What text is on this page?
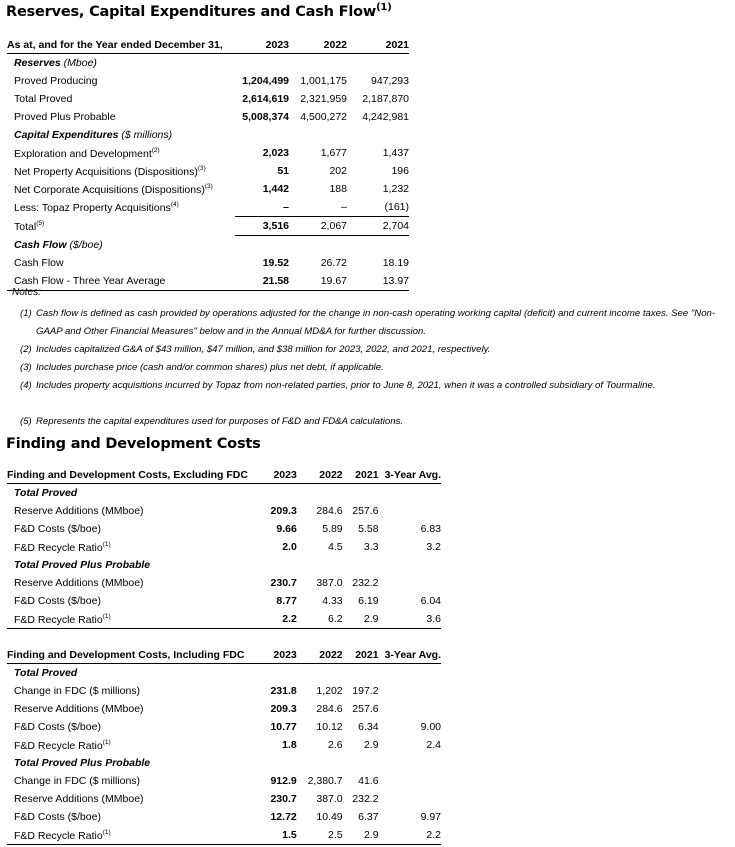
Reserves, Capital Expenditures and Cash Flow$^{(1)}$
As at, and for the Year ended December 31,	2023	2022	2021
Reserves (Mboe)			
Proved Producing	1,204,499	1,001,175	947,293
Total Proved	2,614,619	2,321,959	2,187,870
Proved Plus Probable	5,008,374	4,500,272	4,242,981
Capital Expenditures ($ millions)			
Exploration and Development$^{(2)}$	2,023	1,677	1,437
Net Property Acquisitions (Dispositions)$^{(3)}$	51	202	196
Net Corporate Acquisitions (Dispositions)$^{(3)}$	1,442	188	1,232
Less: Topaz Property Acquisitions$^{(4)}$	–	–	(161)
Total$^{(5)}$	3,516	2,067	2,704
Cash Flow ($/boe)			
Cash Flow	19.52	26.72	18.19
Cash Flow - Three Year Average	21.58	19.67	13.97
Notes:
(1) Cash flow is defined as cash provided by operations adjusted for the change in non-cash operating working capital (deficit) and current income taxes. See "Non-GAAP and Other Financial Measures" below and in the Annual MD&A for further discussion.
(2) Includes capitalized G&A of $43 million, $47 million, and $38 million for 2023, 2022, and 2021, respectively.
(3) Includes purchase price (cash and/or common shares) plus net debt, if applicable.
(4) Includes property acquisitions incurred by Topaz from non-related parties, prior to June 8, 2021, when it was a controlled subsidiary of Tourmaline.
(5) Represents the capital expenditures used for purposes of F&D and FD&A calculations.
Finding and Development Costs
Finding and Development Costs, Excluding FDC	2023	2022	2021	3-Year Avg.
Total Proved				
Reserve Additions (MMboe)	209.3	284.6	257.6	
F&D Costs ($/boe)	9.66	5.89	5.58	6.83
F&D Recycle Ratio$^{(1)}$	2.0	4.5	3.3	3.2
Total Proved Plus Probable				
Reserve Additions (MMboe)	230.7	387.0	232.2	
F&D Costs ($/boe)	8.77	4.33	6.19	6.04
F&D Recycle Ratio$^{(1)}$	2.2	6.2	2.9	3.6
Finding and Development Costs, Including FDC	2023	2022	2021	3-Year Avg.
Total Proved				
Change in FDC ($ millions)	231.8	1,202	197.2	
Reserve Additions (MMboe)	209.3	284.6	257.6	
F&D Costs ($/boe)	10.77	10.12	6.34	9.00
F&D Recycle Ratio$^{(1)}$	1.8	2.6	2.9	2.4
Total Proved Plus Probable				
Change in FDC ($ millions)	912.9	2,380.7	41.6	
Reserve Additions (MMboe)	230.7	387.0	232.2	
F&D Costs ($/boe)	12.72	10.49	6.37	9.97
F&D Recycle Ratio$^{(1)}$	1.5	2.5	2.9	2.2
